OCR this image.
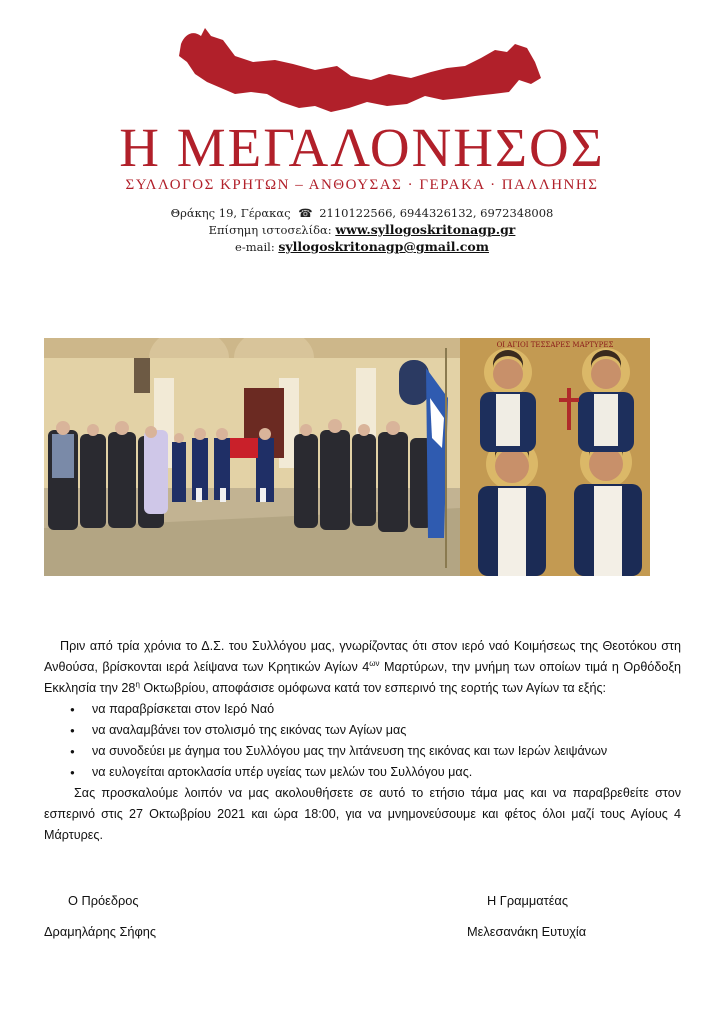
Η ΜΕΓΑΛΟΝΗΣΟΣ
ΣΥΛΛΟΓΟΣ ΚΡΗΤΩΝ – ΑΝΘΟΥΣΑΣ · ΓΕΡΑΚΑ · ΠΑΛΛΗΝΗΣ
Θράκης 19, Γέρακας ☎ 2110122566, 6944326132, 6972348008
Επίσημη ιστοσελίδα: www.syllogoskritonagp.gr
e-mail: syllogoskritonagp@gmail.com
ΟΙ ΑΓΙΟΙ ΤΕΣΣΑΡΕΣ ΜΑΡΤΥΡΕΣ

Πριν από τρία χρόνια το Δ.Σ. του Συλλόγου μας, γνωρίζοντας ότι στον ιερό ναό Κοιμήσεως της Θεοτόκου στη Ανθούσα, βρίσκονται ιερά λείψανα των Κρητικών Αγίων $4^{\omega\nu}$ Μαρτύρων, την μνήμη των οποίων τιμά η Ορθόδοξη Εκκλησία την $28^\eta$ Οκτωβρίου, αποφάσισε ομόφωνα κατά τον εσπερινό της εορτής των Αγίων τα εξής:

● να παραβρίσκεται στον Ιερό Ναό
● να αναλαμβάνει τον στολισμό της εικόνας των Αγίων μας
● να συνοδεύει με άγημα του Συλλόγου μας την λιτάνευση της εικόνας και των Ιερών λειψάνων
● να ευλογείται αρτοκλασία υπέρ υγείας των μελών του Συλλόγου μας.

Σας προσκαλούμε λοιπόν να μας ακολουθήσετε σε αυτό το ετήσιο τάμα μας και να παραβρεθείτε στον εσπερινό στις 27 Οκτωβρίου 2021 και ώρα 18:00, για να μνημονεύσουμε και φέτος όλοι μαζί τους Αγίους 4 Μάρτυρες.

Ο Πρόεδρος	Η Γραμματέας
Δραμηλάρης Σήφης	Μελεσανάκη Ευτυχία
